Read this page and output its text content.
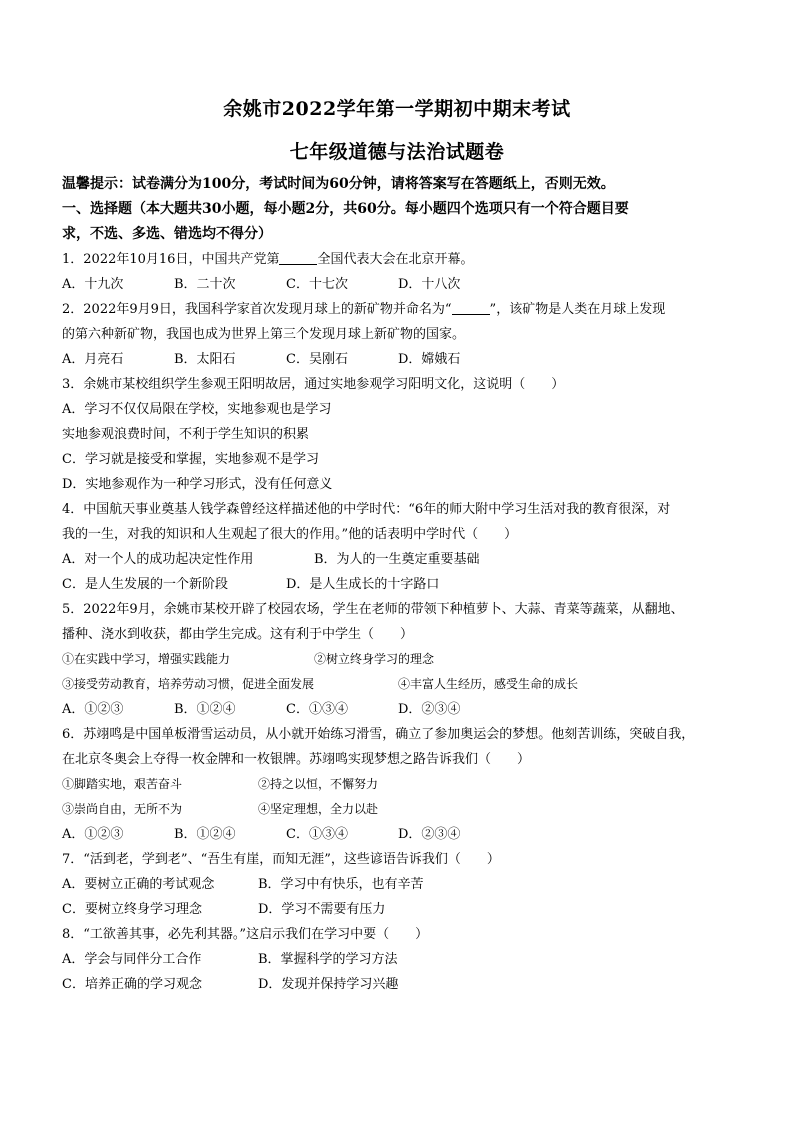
余姚市2022学年第一学期初中期末考试
七年级道德与法治试题卷
温馨提示：试卷满分为100分，考试时间为60分钟，请将答案写在答题纸上，否则无效。
一、选择题（本大题共30小题，每小题2分，共60分。每小题四个选项只有一个符合题目要
求，不选、多选、错选均不得分）
1．2022年10月16日，中国共产党第	全国代表大会在北京开幕。
A．十九次	B．二十次	C．十七次	D．十八次
2．2022年9月9日，我国科学家首次发现月球上的新矿物并命名为“	”，该矿物是人类在月球上发现
的第六种新矿物，我国也成为世界上第三个发现月球上新矿物的国家。
A．月亮石	B．太阳石	C．吴刚石	D．嫦娥石
3．余姚市某校组织学生参观王阳明故居，通过实地参观学习阳明文化，这说明（　　）
A．学习不仅仅局限在学校，实地参观也是学习
实地参观浪费时间，不利于学生知识的积累
C．学习就是接受和掌握，实地参观不是学习
D．实地参观作为一种学习形式，没有任何意义
4．中国航天事业奠基人钱学森曾经这样描述他的中学时代：“6年的师大附中学习生活对我的教育很深，对
我的一生，对我的知识和人生观起了很大的作用。”他的话表明中学时代（　　）
A．对一个人的成功起决定性作用	B．为人的一生奠定重要基础
C．是人生发展的一个新阶段	D．是人生成长的十字路口
5．2022年9月，余姚市某校开辟了校园农场，学生在老师的带领下种植萝卜、大蒜、青菜等蔬菜，从翻地、
播种、浇水到收获，都由学生完成。这有利于中学生（　　）
①在实践中学习，增强实践能力	②树立终身学习的理念
③接受劳动教育，培养劳动习惯，促进全面发展	④丰富人生经历，感受生命的成长
A．①②③	B．①②④	C．①③④	D．②③④
6．苏翊鸣是中国单板滑雪运动员，从小就开始练习滑雪，确立了参加奥运会的梦想。他刻苦训练，突破自我，
在北京冬奥会上夺得一枚金牌和一枚银牌。苏翊鸣实现梦想之路告诉我们（　　）
①脚踏实地，艰苦奋斗	②持之以恒，不懈努力
③崇尚自由，无所不为	④坚定理想，全力以赴
A．①②③	B．①②④	C．①③④	D．②③④
7．“活到老，学到老”、“吾生有崖，而知无涯”，这些谚语告诉我们（　　）
A．要树立正确的考试观念	B．学习中有快乐，也有辛苦
C．要树立终身学习理念	D．学习不需要有压力
8．“工欲善其事，必先利其器。”这启示我们在学习中要（　　）
A．学会与同伴分工合作	B．掌握科学的学习方法
C．培养正确的学习观念	D．发现并保持学习兴趣
